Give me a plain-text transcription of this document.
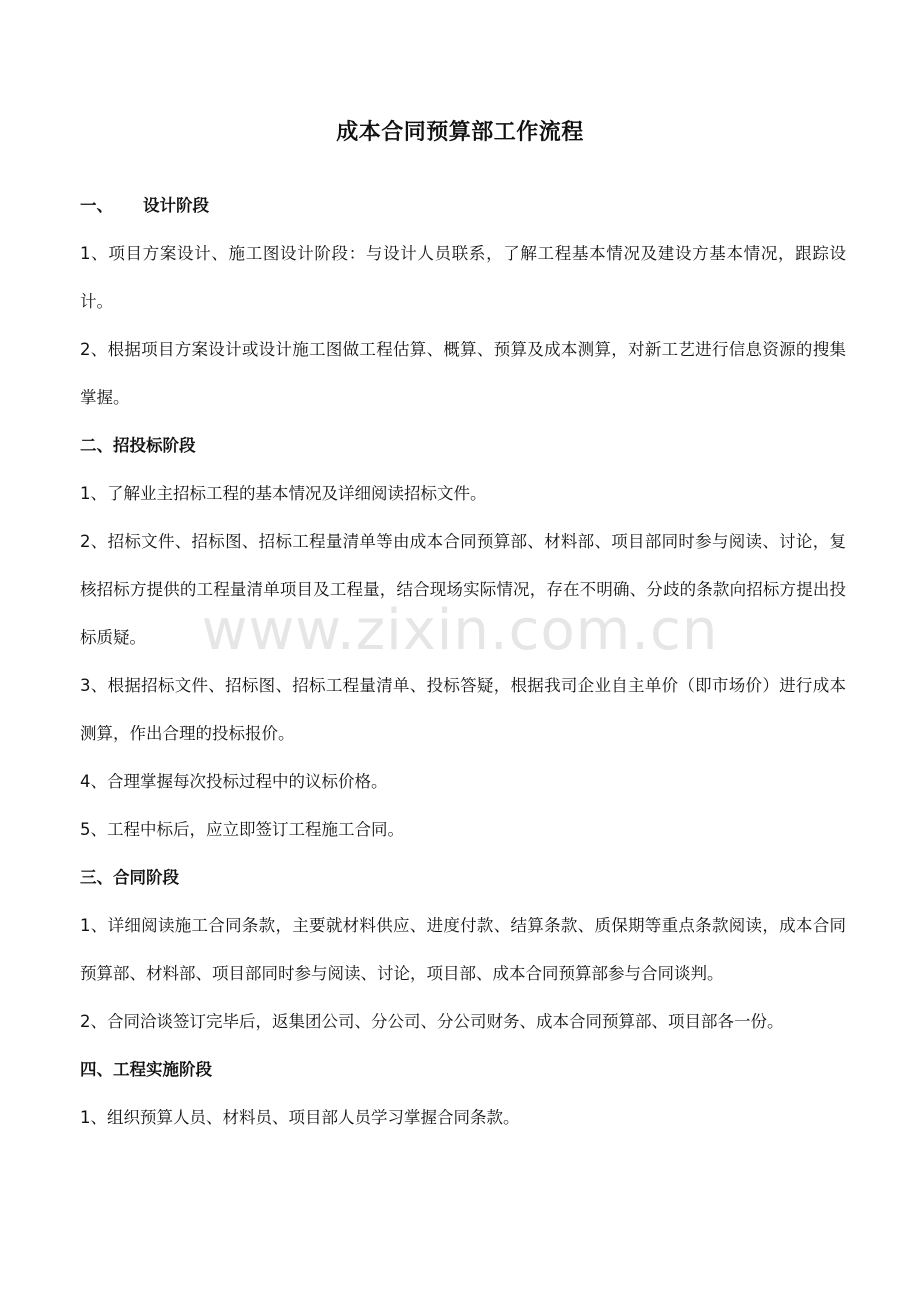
www.zixin.com.cn
成本合同预算部工作流程
一、 设计阶段
1、项目方案设计、施工图设计阶段：与设计人员联系，了解工程基本情况及建设方基本情况，跟踪设计。
2、根据项目方案设计或设计施工图做工程估算、概算、预算及成本测算，对新工艺进行信息资源的搜集掌握。
二、招投标阶段
1、了解业主招标工程的基本情况及详细阅读招标文件。
2、招标文件、招标图、招标工程量清单等由成本合同预算部、材料部、项目部同时参与阅读、讨论，复核招标方提供的工程量清单项目及工程量，结合现场实际情况，存在不明确、分歧的条款向招标方提出投标质疑。
3、根据招标文件、招标图、招标工程量清单、投标答疑，根据我司企业自主单价（即市场价）进行成本测算，作出合理的投标报价。
4、合理掌握每次投标过程中的议标价格。
5、工程中标后，应立即签订工程施工合同。
三、合同阶段
1、详细阅读施工合同条款，主要就材料供应、进度付款、结算条款、质保期等重点条款阅读，成本合同预算部、材料部、项目部同时参与阅读、讨论，项目部、成本合同预算部参与合同谈判。
2、合同洽谈签订完毕后，返集团公司、分公司、分公司财务、成本合同预算部、项目部各一份。
四、工程实施阶段
1、组织预算人员、材料员、项目部人员学习掌握合同条款。
